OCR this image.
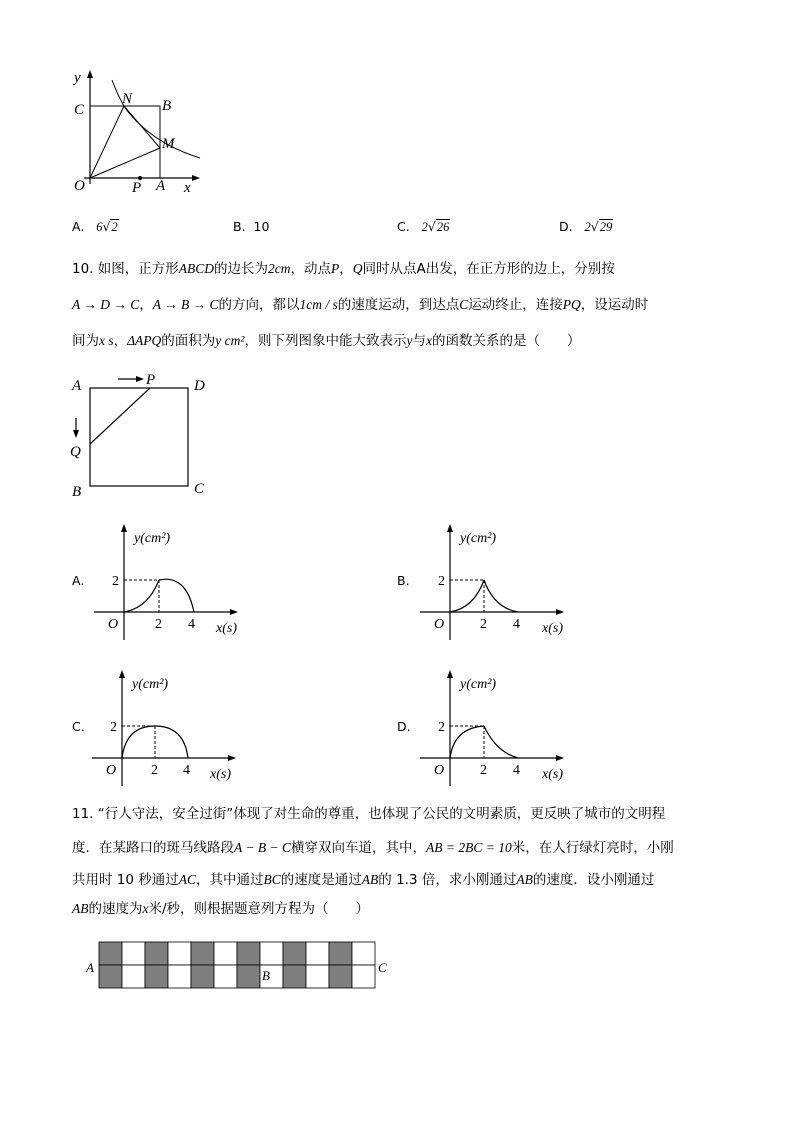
y
C
N B
M
O	P A x
A. 6√2	B. 10	C. 2√26	D. 2√29
10. 如图，正方形ABCD的边长为2cm，动点P，Q同时从点A出发，在正方形的边上，分别按
A → D → C，A → B → C的方向，都以1cm / s的速度运动，到达点C运动终止，连接PQ，设运动时
间为x s，ΔAPQ的面积为y cm²，则下列图象中能大致表示y与x的函数关系的是（　　）
A	P	D
Q
B	C
A.
y(cm²)
2
O	2 4 x(s)
B.
y(cm²)
2
O	2 4 x(s)
C.
y(cm²)
2
O 2 4 x(s)
D.
y(cm²)
2
O	2 4 x(s)
11. “行人守法，安全过街”体现了对生命的尊重，也体现了公民的文明素质，更反映了城市的文明程
度．在某路口的斑马线路段A − B − C横穿双向车道，其中，AB = 2BC = 10米，在人行绿灯亮时，小刚
共用时 10 秒通过AC，其中通过BC的速度是通过AB的 1.3 倍，求小刚通过AB的速度．设小刚通过
AB的速度为x米/秒，则根据题意列方程为（　　）
A
B
C
